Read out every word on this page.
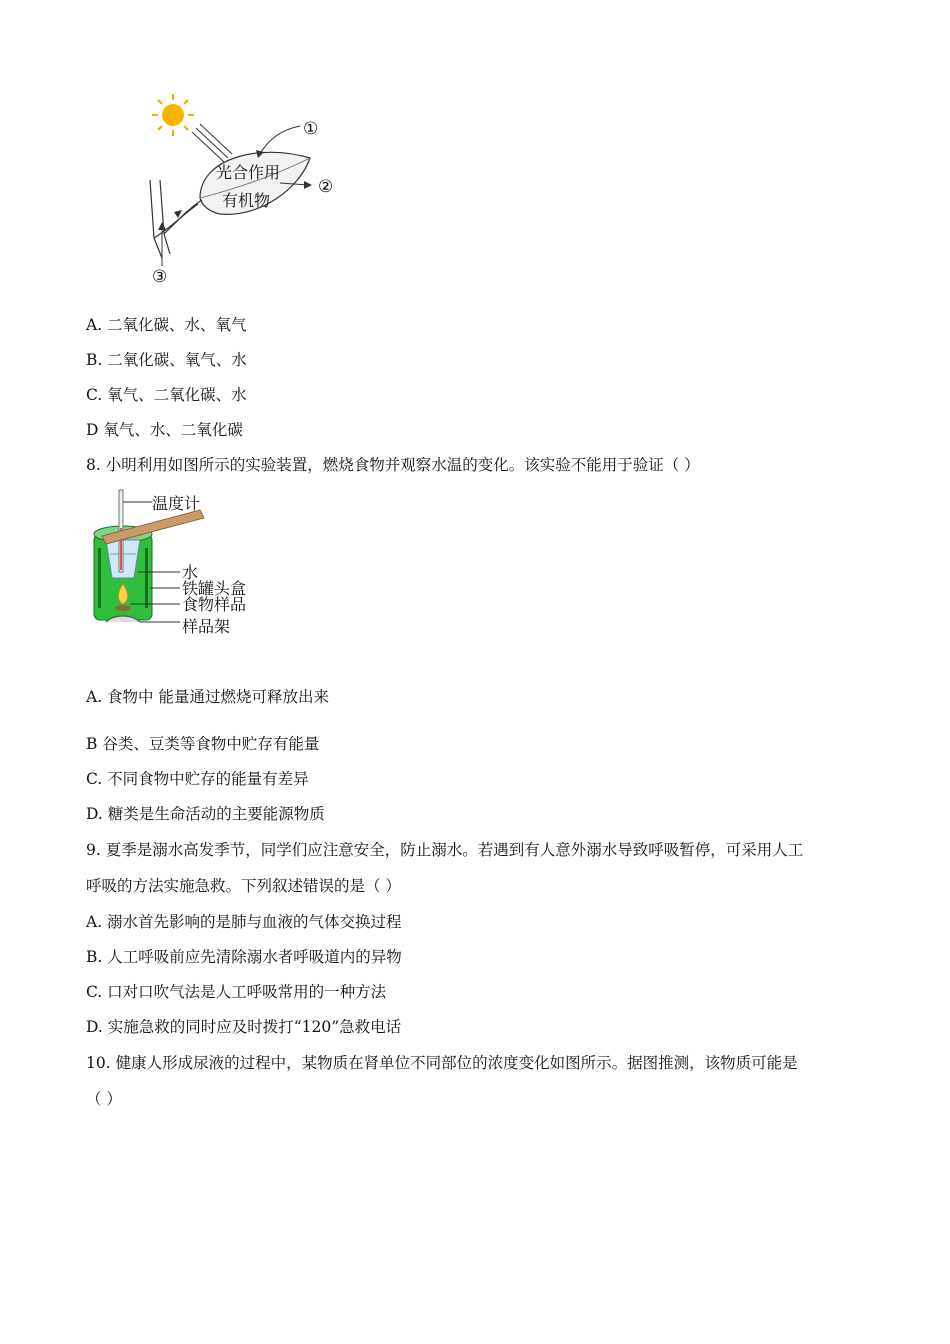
光合作用
有机物
①
②
③
A. 二氧化碳、水、氧气
B. 二氧化碳、氧气、水
C. 氧气、二氧化碳、水
D 氧气、水、二氧化碳
8. 小明利用如图所示的实验装置，燃烧食物并观察水温的变化。该实验不能用于验证（ ）
温度计
水
铁罐头盒
食物样品
样品架
A. 食物中 能量通过燃烧可释放出来
B 谷类、豆类等食物中贮存有能量
C. 不同食物中贮存的能量有差异
D. 糖类是生命活动的主要能源物质
9. 夏季是溺水高发季节，同学们应注意安全，防止溺水。若遇到有人意外溺水导致呼吸暂停，可采用人工
呼吸的方法实施急救。下列叙述错误的是（ ）
A. 溺水首先影响的是肺与血液的气体交换过程
B. 人工呼吸前应先清除溺水者呼吸道内的异物
C. 口对口吹气法是人工呼吸常用的一种方法
D. 实施急救的同时应及时拨打“120”急救电话
10. 健康人形成尿液的过程中，某物质在肾单位不同部位的浓度变化如图所示。据图推测，该物质可能是
（ ）
